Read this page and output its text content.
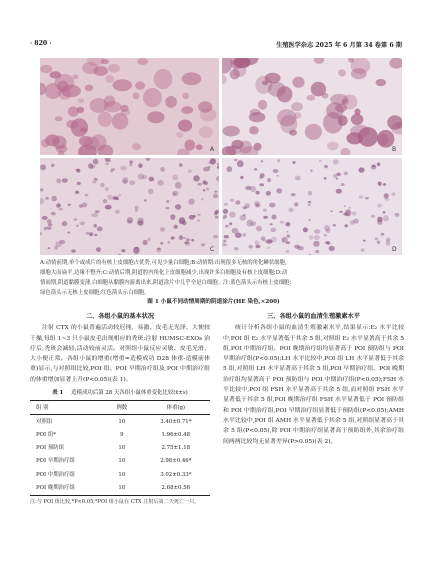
· 820 ·	生殖医学杂志 2025 年 6 月第 34 卷第 6 期
A	B
C	D
A:动情前期,单个或成片的有核上皮细胞占优势,可见少量白细胞;B:动情期:出现很多无核的角化鳞状细胞,
细胞大而扁平,边缘不整齐;C:动情后期,阴道腔内角化上皮细胞减少,出现许多白细胞及有核上皮细胞;D:动
情间期,阴道黏膜变薄,白细胞从黏膜内游离出来,阴道涂片中几乎全是白细胞。注:蓝色箭头示有核上皮细胞;
绿色箭头示无核上皮细胞;红色箭头示白细胞。
图 1 小鼠不同动情周期的阴道涂片(HE 染色,×200)
二、各组小鼠的基本状况

注射 CTX 的小鼠普遍活动较迟钝、易激、皮毛无光泽、大便较干燥,每组 1~3 只小鼠皮毛出现相应的秃斑;注射 HUMSC-EXOs 治疗后,秃斑会减轻,活动较前灵活。对照组小鼠反应灵敏、皮毛光滑、大小便正常。各组小鼠的增重(增重=造模成功 D28 体重-造模前体重)显示,与对照组比较,POI 组、POI 早期治疗组及 POI 中期治疗组的体重增加显著上升(P<0.05)(表 1)。

表 1 造模成功后第 28 天各组小鼠体重变化比较(x̄±s)
组 别	例数	体重(g)
对照组	10	3.40±0.71*
POI 组*	9	1.96±0.48
POI 预防组	10	2.75±1.18
POI 早期治疗组	10	2.98±0.46*
POI 中期治疗组	10	3.02±0.33*
POI 晚期治疗组	10	2.68±0.56
注:与 POI 组比较,*P<0.05;*POI 组小鼠在 CTX 注射后第二天死亡一只。
三、各组小鼠的血清生殖激素水平

统计分析各组小鼠的血清生殖激素水平,结果显示:E₂ 水平比较中,POI 组 E₂ 水平显著低于其余 5 组,对照组 E₂ 水平显著高于其余 5 组,POI 中期治疗组、POI 晚期治疗组均显著高于 POI 预防组与 POI 早期治疗组(P<0.05);LH 水平比较中,POI 组 LH 水平显著低于其余 5 组,对照组 LH 水平显著高于其余 5 组,POI 早期治疗组、POI 晚期治疗组均显著高于 POI 预防组与 POI 中期治疗组(P<0.05);FSH 水平比较中,POI 组 FSH 水平显著高于其余 5 组,而对照组 FSH 水平显著低于其余 5 组,POI 晚期治疗组 FSH 水平显著低于 POI 预防组和 POI 中期治疗组,POI 早期治疗组显著低于预防组(P<0.05);AMH 水平比较中,POI 组 AMH 水平显著低于其余 5 组,对照组显著高于其余 5 组(P<0.05),除 POI 中期治疗组显著高于预防组外,其余治疗组间两两比较均无显著差异(P>0.05)(表 2)。
